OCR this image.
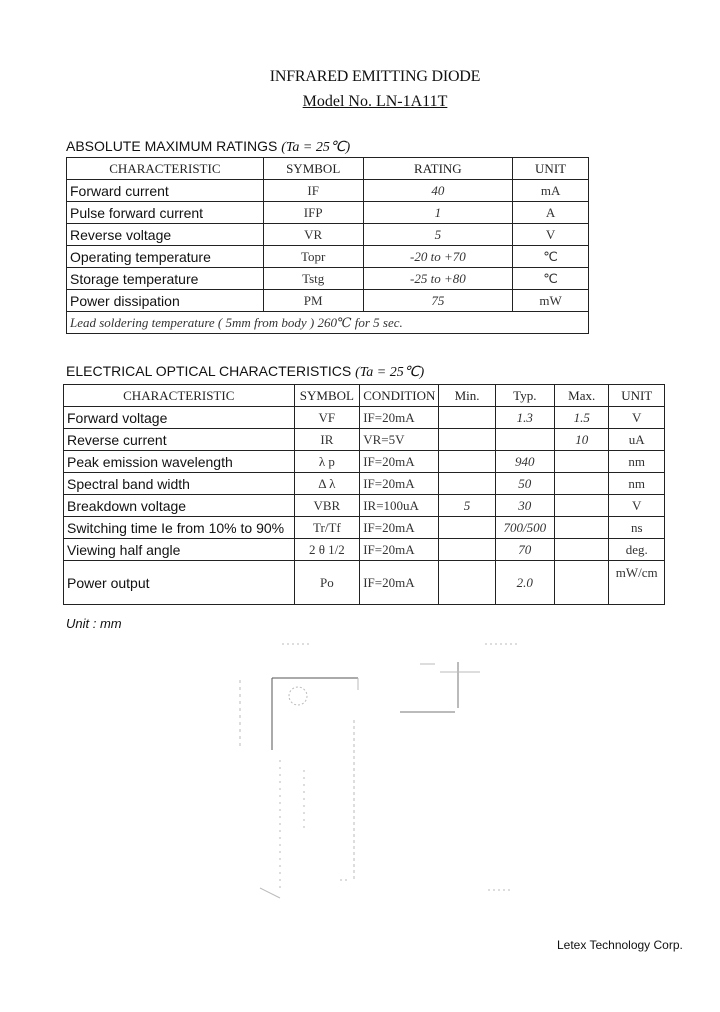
INFRARED EMITTING DIODE
Model No. LN-1A11T
ABSOLUTE MAXIMUM RATINGS (Ta = 25℃)
CHARACTERISTIC	SYMBOL	RATING	UNIT
Forward current	IF	40	mA
Pulse forward current	IFP	1	A
Reverse voltage	VR	5	V
Operating temperature	Topr	-20 to +70	℃
Storage temperature	Tstg	-25 to +80	℃
Power dissipation	PM	75	mW
Lead soldering temperature ( 5mm from body ) 260℃ for 5 sec.			
ELECTRICAL OPTICAL CHARACTERISTICS (Ta = 25℃)
CHARACTERISTIC	SYMBOL	CONDITION	Min.	Typ.	Max.	UNIT
Forward voltage	VF	IF=20mA		1.3	1.5	V
Reverse current	IR	VR=5V			10	uA
Peak emission wavelength	λ p	IF=20mA		940		nm
Spectral band width	Δ λ	IF=20mA		50		nm
Breakdown voltage	VBR	IR=100uA	5	30		V
Switching time Ie from 10% to 90%	Tr/Tf	IF=20mA		700/500		ns
Viewing half angle	2 θ 1/2	IF=20mA		70		deg.
Power output	Po	IF=20mA		2.0		mW/cm
Unit : mm
Letex Technology Corp.
